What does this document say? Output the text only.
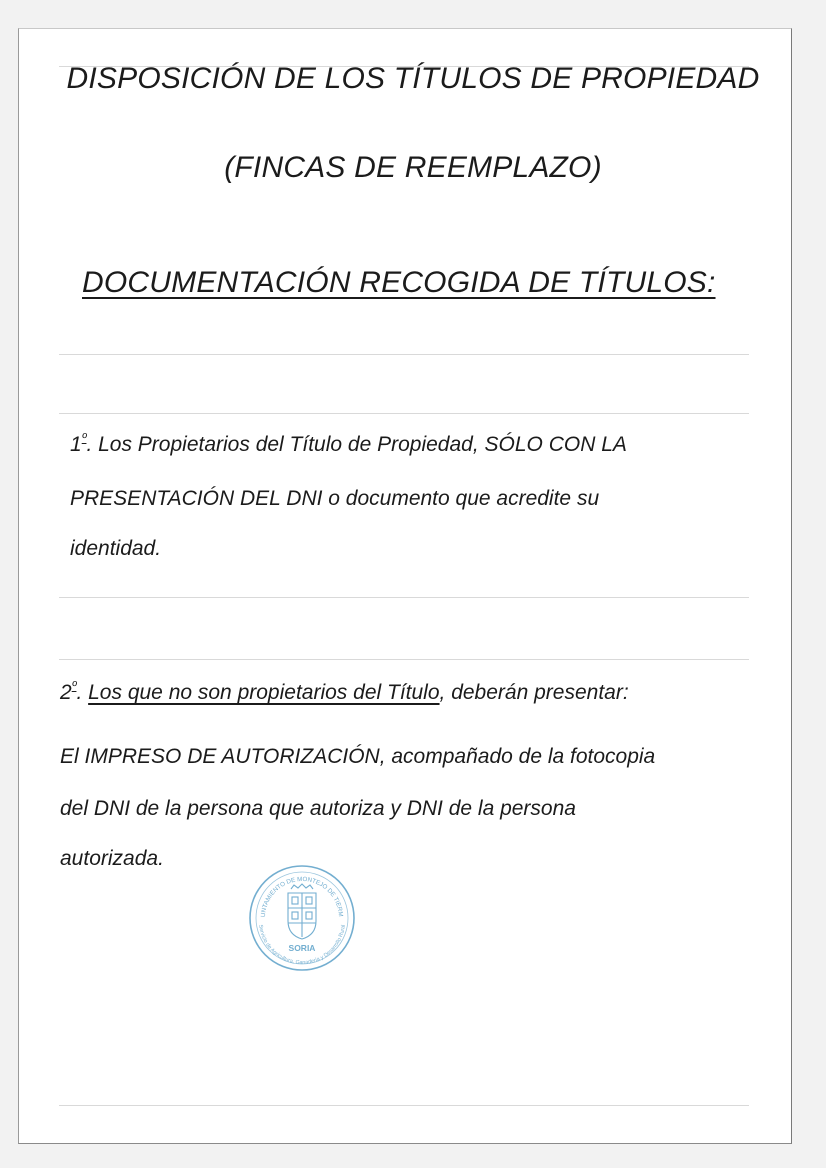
DISPOSICIÓN DE LOS TÍTULOS DE PROPIEDAD
(FINCAS DE REEMPLAZO)
DOCUMENTACIÓN RECOGIDA DE TÍTULOS:
$1^º$. Los Propietarios del Título de Propiedad, SÓLO CON LA
PRESENTACIÓN DEL DNI o documento que acredite su
identidad.
$2^º$. Los que no son propietarios del Título, deberán presentar:
El IMPRESO DE AUTORIZACIÓN, acompañado de la fotocopia
del DNI de la persona que autoriza y DNI de la persona
autorizada.
UNTAMIENTO DE MONTEJO DE TIERM
Servicio de Agricultura, Ganadería y Desarrollo Rural
SORIA
